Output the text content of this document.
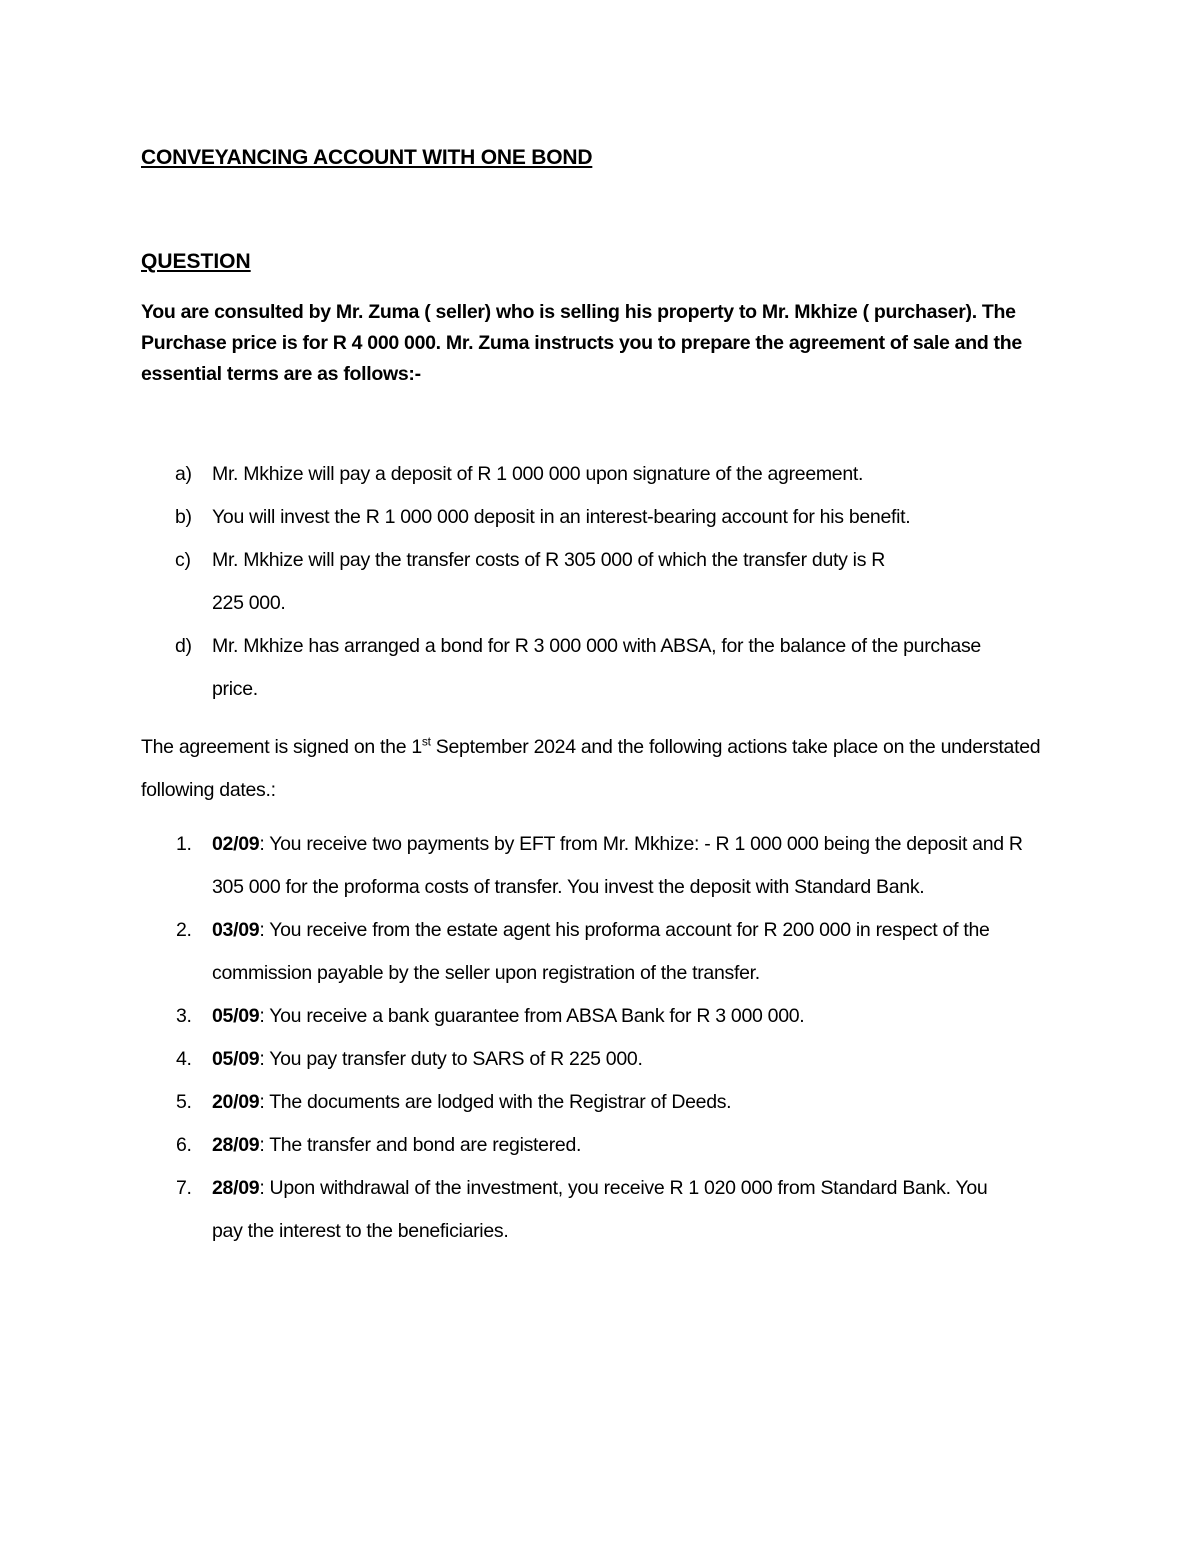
CONVEYANCING ACCOUNT WITH ONE BOND
QUESTION
You are consulted by Mr. Zuma ( seller) who is selling his property to Mr. Mkhize ( purchaser). The Purchase price is for R 4 000 000. Mr. Zuma instructs you to prepare the agreement of sale and the essential terms are as follows:-
a) Mr. Mkhize will pay a deposit of R 1 000 000 upon signature of the agreement.
b) You will invest the R 1 000 000 deposit in an interest-bearing account for his benefit.
c) Mr. Mkhize will pay the transfer costs of R 305 000 of which the transfer duty is R 225 000.
d) Mr. Mkhize has arranged a bond for R 3 000 000 with ABSA, for the balance of the purchase price.
The agreement is signed on the 1st September 2024 and the following actions take place on the understated following dates.:
1. 02/09: You receive two payments by EFT from Mr. Mkhize: - R 1 000 000 being the deposit and R 305 000 for the proforma costs of transfer. You invest the deposit with Standard Bank.
2. 03/09: You receive from the estate agent his proforma account for R 200 000 in respect of the commission payable by the seller upon registration of the transfer.
3. 05/09: You receive a bank guarantee from ABSA Bank for R 3 000 000.
4. 05/09: You pay transfer duty to SARS of R 225 000.
5. 20/09: The documents are lodged with the Registrar of Deeds.
6. 28/09: The transfer and bond are registered.
7. 28/09: Upon withdrawal of the investment, you receive R 1 020 000 from Standard Bank. You pay the interest to the beneficiaries.
